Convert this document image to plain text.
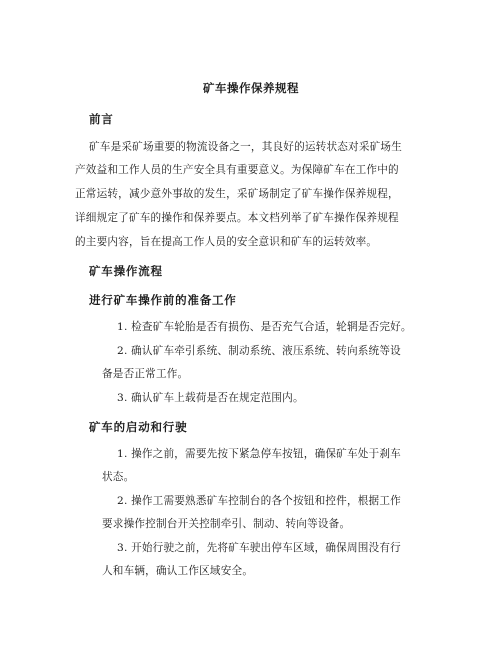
矿车操作保养规程
前言
矿车是采矿场重要的物流设备之一，其良好的运转状态对采矿场生
产效益和工作人员的生产安全具有重要意义。为保障矿车在工作中的
正常运转，减少意外事故的发生，采矿场制定了矿车操作保养规程，
详细规定了矿车的操作和保养要点。本文档列举了矿车操作保养规程
的主要内容，旨在提高工作人员的安全意识和矿车的运转效率。
矿车操作流程
进行矿车操作前的准备工作
1. 检查矿车轮胎是否有损伤、是否充气合适，轮辋是否完好。
2. 确认矿车牵引系统、制动系统、液压系统、转向系统等设
备是否正常工作。
3. 确认矿车上载荷是否在规定范围内。
矿车的启动和行驶
1. 操作之前，需要先按下紧急停车按钮，确保矿车处于刹车
状态。
2. 操作工需要熟悉矿车控制台的各个按钮和控件，根据工作
要求操作控制台开关控制牵引、制动、转向等设备。
3. 开始行驶之前，先将矿车驶出停车区域，确保周围没有行
人和车辆，确认工作区域安全。
